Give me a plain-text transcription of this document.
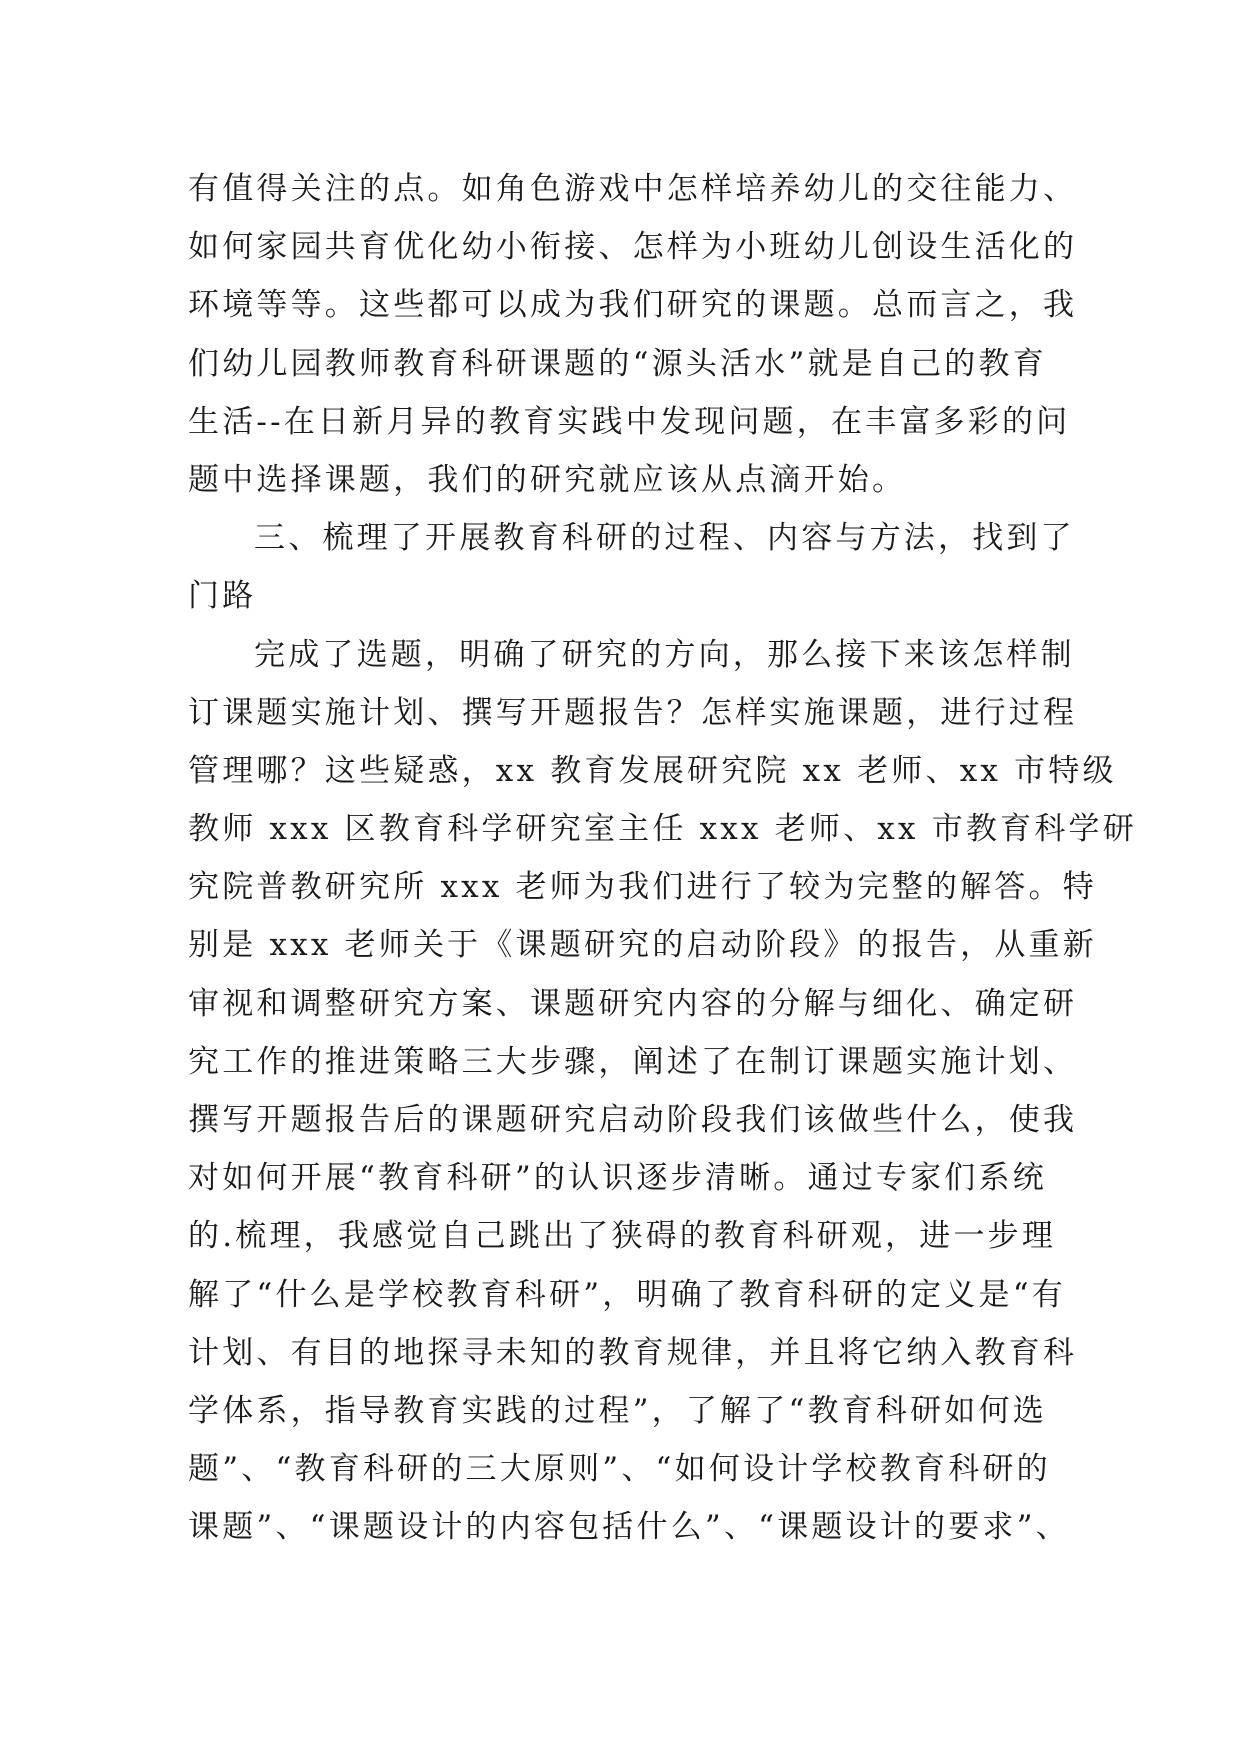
有值得关注的点。如角色游戏中怎样培养幼儿的交往能力、
如何家园共育优化幼小衔接、怎样为小班幼儿创设生活化的
环境等等。这些都可以成为我们研究的课题。总而言之，我
们幼儿园教师教育科研课题的“源头活水”就是自己的教育
生活--在日新月异的教育实践中发现问题，在丰富多彩的问
题中选择课题，我们的研究就应该从点滴开始。
三、梳理了开展教育科研的过程、内容与方法，找到了
门路
完成了选题，明确了研究的方向，那么接下来该怎样制
订课题实施计划、撰写开题报告？怎样实施课题，进行过程
管理哪？这些疑惑，xx 教育发展研究院 xx 老师、xx 市特级
教师 xxx 区教育科学研究室主任 xxx 老师、xx 市教育科学研
究院普教研究所 xxx 老师为我们进行了较为完整的解答。特
别是 xxx 老师关于《课题研究的启动阶段》的报告，从重新
审视和调整研究方案、课题研究内容的分解与细化、确定研
究工作的推进策略三大步骤，阐述了在制订课题实施计划、
撰写开题报告后的课题研究启动阶段我们该做些什么，使我
对如何开展“教育科研”的认识逐步清晰。通过专家们系统
的.梳理，我感觉自己跳出了狭碍的教育科研观，进一步理
解了“什么是学校教育科研”，明确了教育科研的定义是“有
计划、有目的地探寻未知的教育规律，并且将它纳入教育科
学体系，指导教育实践的过程”，了解了“教育科研如何选
题”、“教育科研的三大原则”、“如何设计学校教育科研的
课题”、“课题设计的内容包括什么”、“课题设计的要求”、
